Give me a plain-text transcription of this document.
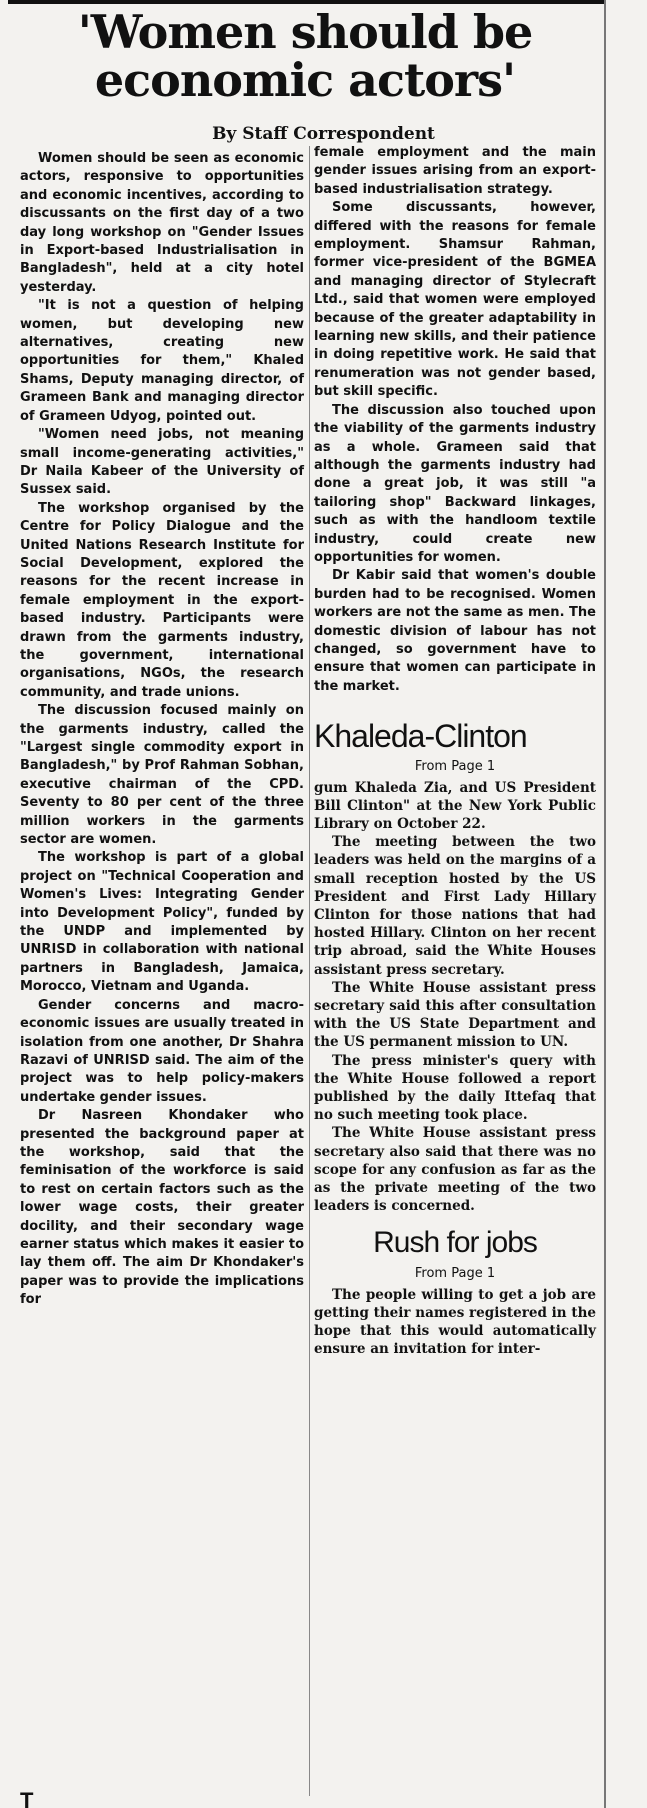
'Women should be
economic actors'
By Staff Correspondent

Women should be seen as economic actors, responsive to opportunities and economic incentives, according to discussants on the first day of a two day long workshop on "Gender Issues in Export-based Industrialisation in Bangladesh", held at a city hotel yesterday.

"It is not a question of helping women, but developing new alternatives, creating new opportunities for them," Khaled Shams, Deputy managing director, of Grameen Bank and managing director of Grameen Udyog, pointed out.

"Women need jobs, not meaning small income-generating activities," Dr Naila Kabeer of the University of Sussex said.

The workshop organised by the Centre for Policy Dialogue and the United Nations Research Institute for Social Development, explored the reasons for the recent increase in female employment in the export-based industry. Participants were drawn from the garments industry, the government, international organisations, NGOs, the research community, and trade unions.

The discussion focused mainly on the garments industry, called the "Largest single commodity export in Bangladesh," by Prof Rahman Sobhan, executive chairman of the CPD. Seventy to 80 per cent of the three million workers in the garments sector are women.

The workshop is part of a global project on "Technical Cooperation and Women's Lives: Integrating Gender into Development Policy", funded by the UNDP and implemented by UNRISD in collaboration with national partners in Bangladesh, Jamaica, Morocco, Vietnam and Uganda.

Gender concerns and macro-economic issues are usually treated in isolation from one another, Dr Shahra Razavi of UNRISD said. The aim of the project was to help policy-makers undertake gender issues.

Dr Nasreen Khondaker who presented the background paper at the workshop, said that the feminisation of the workforce is said to rest on certain factors such as the lower wage costs, their greater docility, and their secondary wage earner status which makes it easier to lay them off. The aim Dr Khondaker's paper was to provide the implications for

female employment and the main gender issues arising from an export-based industrialisation strategy.

Some discussants, however, differed with the reasons for female employment. Shamsur Rahman, former vice-president of the BGMEA and managing director of Stylecraft Ltd., said that women were employed because of the greater adaptability in learning new skills, and their patience in doing repetitive work. He said that renumeration was not gender based, but skill specific.

The discussion also touched upon the viability of the garments industry as a whole. Grameen said that although the garments industry had done a great job, it was still "a tailoring shop" Backward linkages, such as with the handloom textile industry, could create new opportunities for women.

Dr Kabir said that women's double burden had to be recognised. Women workers are not the same as men. The domestic division of labour has not changed, so government have to ensure that women can participate in the market.

Khaleda-Clinton
From Page 1

gum Khaleda Zia, and US President Bill Clinton" at the New York Public Library on October 22.

The meeting between the two leaders was held on the margins of a small reception hosted by the US President and First Lady Hillary Clinton for those nations that had hosted Hillary. Clinton on her recent trip abroad, said the White Houses assistant press secretary.

The White House assistant press secretary said this after consultation with the US State Department and the US permanent mission to UN.

The press minister's query with the White House followed a report published by the daily Ittefaq that no such meeting took place.

The White House assistant press secretary also said that there was no scope for any confusion as far as the as the private meeting of the two leaders is concerned.

Rush for jobs
From Page 1

The people willing to get a job are getting their names registered in the hope that this would automatically ensure an invitation for inter-

T
